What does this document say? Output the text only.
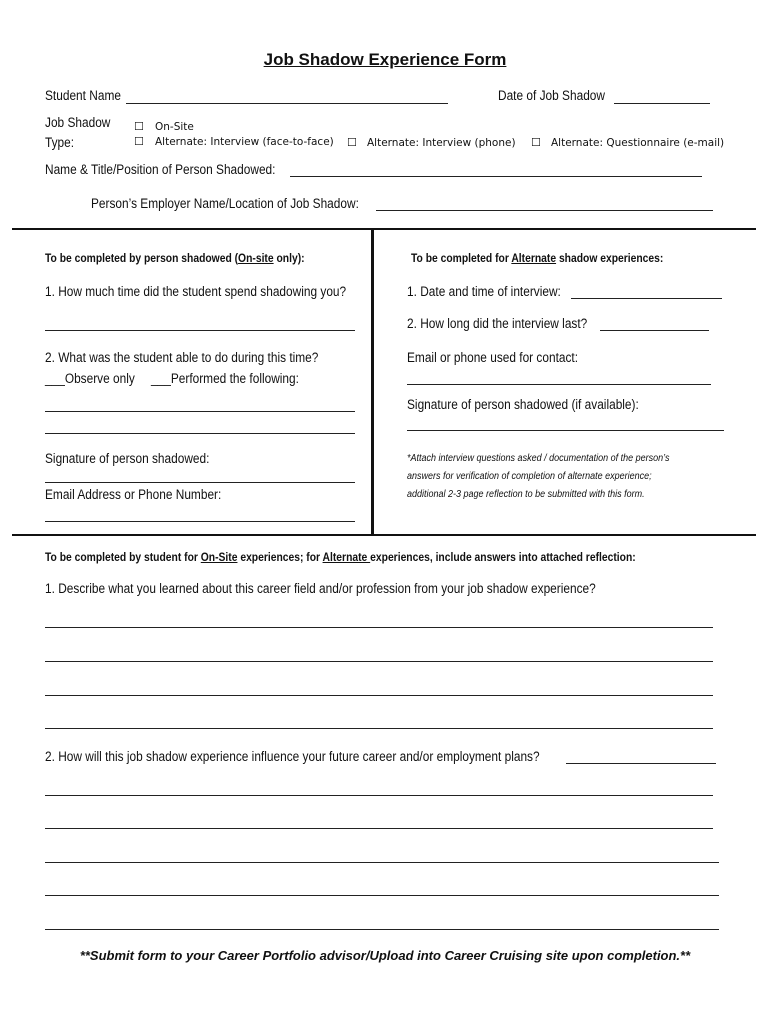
Job Shadow Experience Form
Student Name	Date of Job Shadow
Job Shadow
Type:
☐ On-Site
☐ Alternate: Interview (face-to-face) ☐ Alternate: Interview (phone) ☐ Alternate: Questionnaire (e-mail)
Name & Title/Position of Person Shadowed:
Person’s Employer Name/Location of Job Shadow:
To be completed by person shadowed (On-site only):
1. How much time did the student spend shadowing you?
2. What was the student able to do during this time?
___Observe only ___Performed the following:
Signature of person shadowed:
Email Address or Phone Number:
To be completed for Alternate shadow experiences:
1. Date and time of interview:
2. How long did the interview last?
Email or phone used for contact:
Signature of person shadowed (if available):
*Attach interview questions asked / documentation of the person’s
answers for verification of completion of alternate experience;
additional 2-3 page reflection to be submitted with this form.
To be completed by student for On-Site experiences; for Alternate experiences, include answers into attached reflection:
1. Describe what you learned about this career field and/or profession from your job shadow experience?
2. How will this job shadow experience influence your future career and/or employment plans?
**Submit form to your Career Portfolio advisor/Upload into Career Cruising site upon completion.**
